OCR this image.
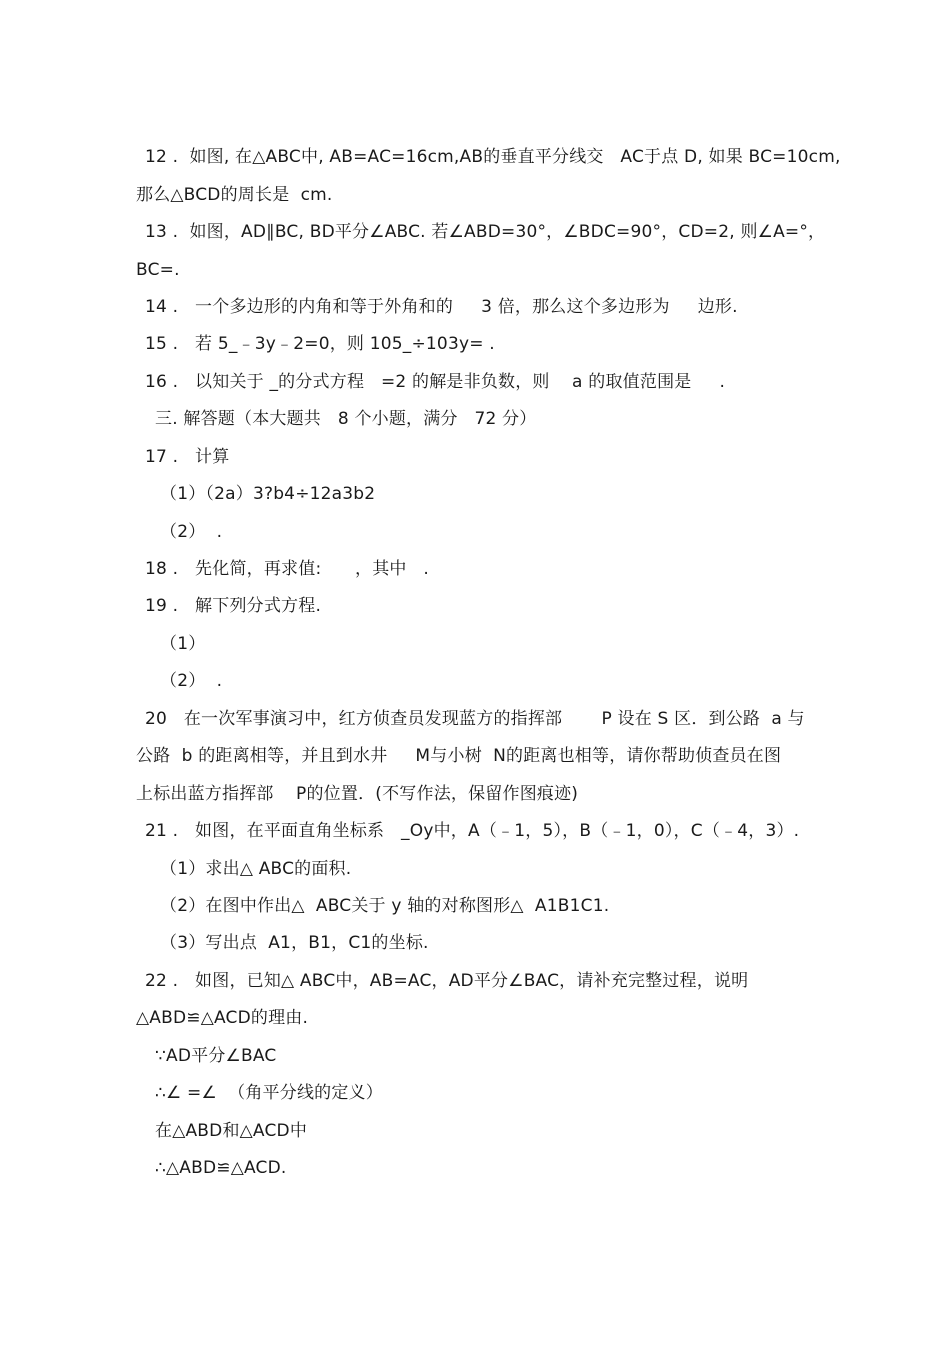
12 .  如图, 在△ABC中, AB=AC=16cm,AB的垂直平分线交   AC于点 D, 如果 BC=10cm,
那么△BCD的周长是  cm.
13 .  如图，AD∥BC, BD平分∠ABC. 若∠ABD=30°，∠BDC=90°，CD=2, 则∠A=°，
BC=.
14 .   一个多边形的内角和等于外角和的     3 倍，那么这个多边形为     边形.
15 .   若 5_﹣3y﹣2=0，则 105_÷103y= .
16 .   以知关于 _的分式方程   =2 的解是非负数，则    a 的取值范围是     .
三. 解答题（本大题共   8 个小题，满分   72 分）
17 .   计算
（1）（2a）3?b4÷12a3b2
（2）  .
18 .   先化简，再求值:      ，其中   .
19 .   解下列分式方程.
（1）
（2）  .
20   在一次军事演习中，红方侦查员发现蓝方的指挥部       P 设在 S 区．到公路  a 与
公路  b 的距离相等，并且到水井     M与小树  N的距离也相等，请你帮助侦查员在图
上标出蓝方指挥部    P的位置．(不写作法，保留作图痕迹)
21 .   如图，在平面直角坐标系   _Oy中，A（﹣1，5），B（﹣1，0），C（﹣4，3）.
（1）求出△ ABC的面积.
（2）在图中作出△  ABC关于 y 轴的对称图形△  A1B1C1.
（3）写出点  A1，B1，C1的坐标.
22 .   如图，已知△ ABC中，AB=AC，AD平分∠BAC，请补充完整过程，说明
△ABD≌△ACD的理由.
∵AD平分∠BAC
∴∠ =∠  （角平分线的定义）
在△ABD和△ACD中
∴△ABD≌△ACD.
